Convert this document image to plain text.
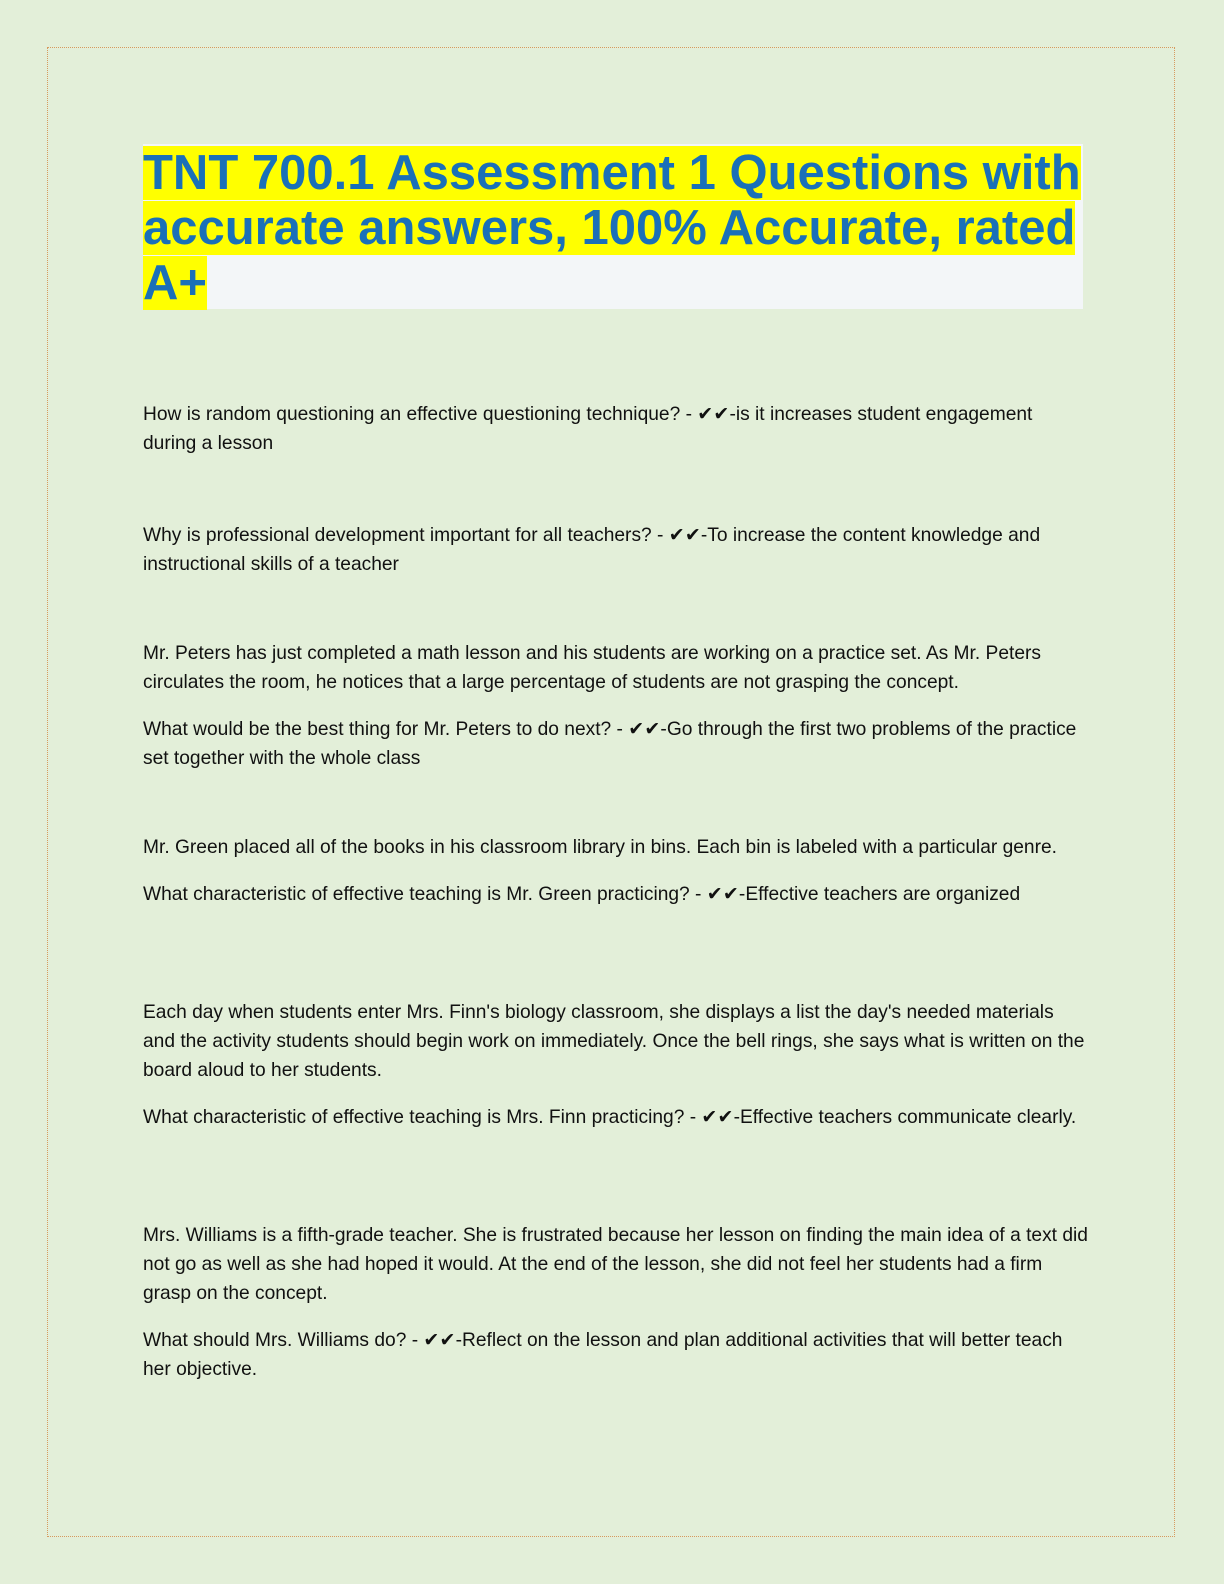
TNT 700.1 Assessment 1 Questions with accurate answers, 100% Accurate, rated A+

How is random questioning an effective questioning technique? - ✔✔-is it increases student engagement during a lesson

Why is professional development important for all teachers? - ✔✔-To increase the content knowledge and instructional skills of a teacher

Mr. Peters has just completed a math lesson and his students are working on a practice set. As Mr. Peters circulates the room, he notices that a large percentage of students are not grasping the concept.

What would be the best thing for Mr. Peters to do next? - ✔✔-Go through the first two problems of the practice set together with the whole class

Mr. Green placed all of the books in his classroom library in bins. Each bin is labeled with a particular genre.

What characteristic of effective teaching is Mr. Green practicing? - ✔✔-Effective teachers are organized

Each day when students enter Mrs. Finn's biology classroom, she displays a list the day's needed materials and the activity students should begin work on immediately. Once the bell rings, she says what is written on the board aloud to her students.

What characteristic of effective teaching is Mrs. Finn practicing? - ✔✔-Effective teachers communicate clearly.

Mrs. Williams is a fifth-grade teacher. She is frustrated because her lesson on finding the main idea of a text did not go as well as she had hoped it would. At the end of the lesson, she did not feel her students had a firm grasp on the concept.

What should Mrs. Williams do? - ✔✔-Reflect on the lesson and plan additional activities that will better teach her objective.
